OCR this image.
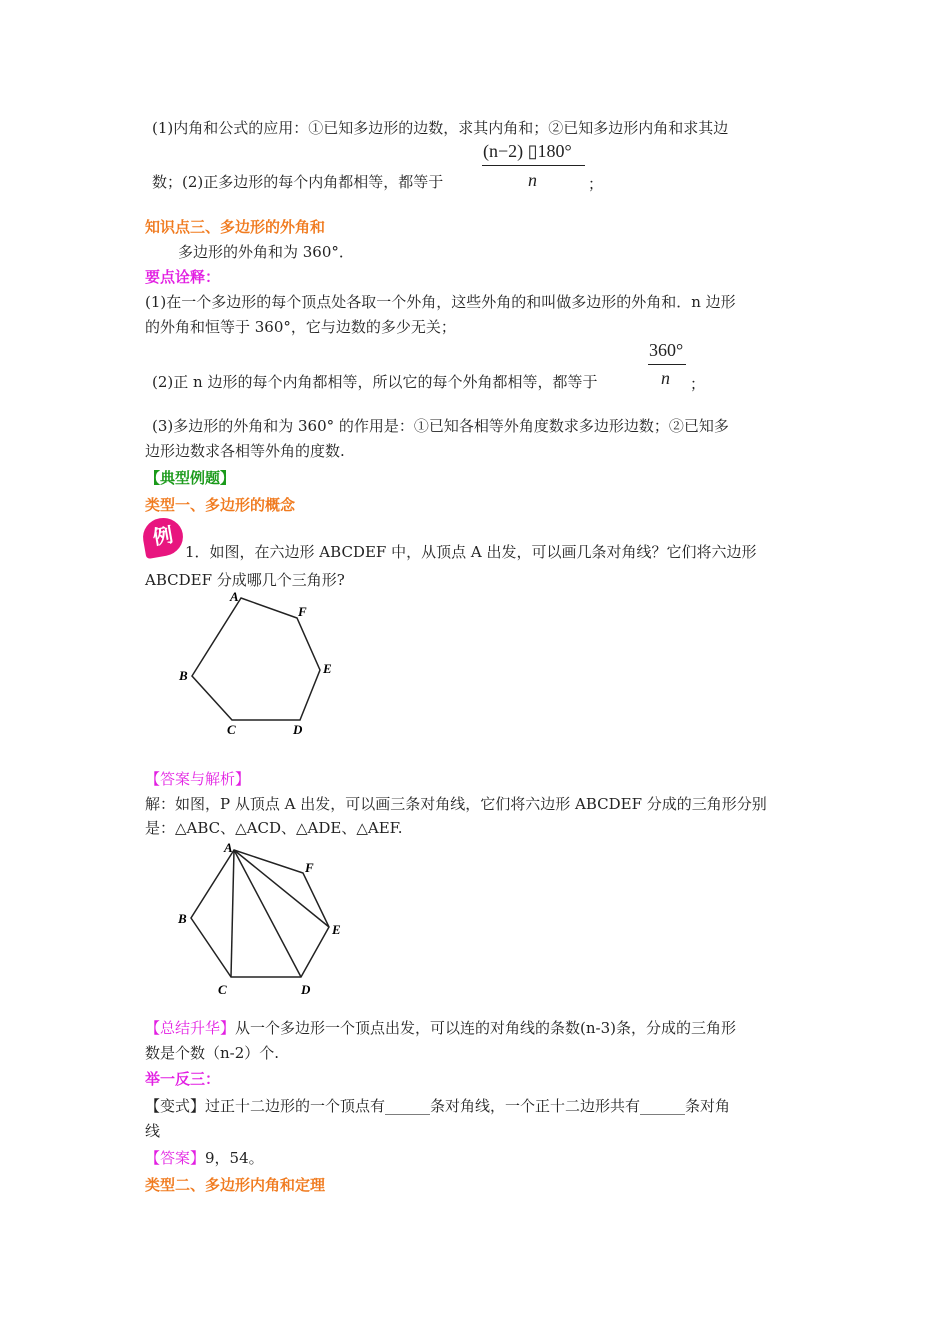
(1)内角和公式的应用：①已知多边形的边数，求其内角和；②已知多边形内角和求其边
(n−2) ▯180°
数；(2)正多边形的每个内角都相等，都等于	n	；
知识点三、多边形的外角和
多边形的外角和为 360°．
要点诠释：
(1)在一个多边形的每个顶点处各取一个外角，这些外角的和叫做多边形的外角和．n 边形
的外角和恒等于 360°，它与边数的多少无关；
360°
(2)正 n 边形的每个内角都相等，所以它的每个外角都相等，都等于	n ；
(3)多边形的外角和为 360° 的作用是：①已知各相等外角度数求多边形边数；②已知多
边形边数求各相等外角的度数.
【典型例题】
类型一、多边形的概念
例
1．如图，在六边形 ABCDEF 中，从顶点 A 出发，可以画几条对角线？它们将六边形
ABCDEF 分成哪几个三角形?
A
B
C	D
E
F
A
B
C	D
E
F
【答案与解析】
解：如图，P 从顶点 A 出发，可以画三条对角线，它们将六边形 ABCDEF 分成的三角形分别
是：△ABC、△ACD、△ADE、△AEF.
【总结升华】从一个多边形一个顶点出发，可以连的对角线的条数(n-3)条，分成的三角形
数是个数（n-2）个.
举一反三：
【变式】过正十二边形的一个顶点有______条对角线，一个正十二边形共有______条对角
线
【答案】9，54。
类型二、多边形内角和定理
